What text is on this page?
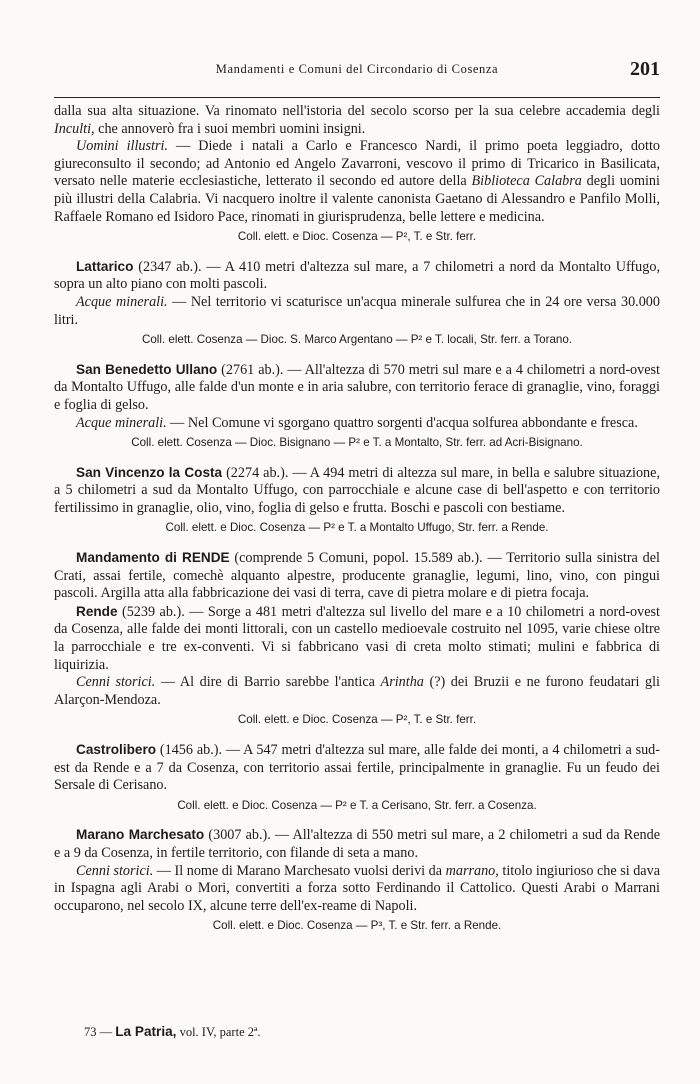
Mandamenti e Comuni del Circondario di Cosenza	201

dalla sua alta situazione. Va rinomato nell'istoria del secolo scorso per la sua celebre accademia degli Inculti, che annoverò fra i suoi membri uomini insigni.

Uomini illustri. — Diede i natali a Carlo e Francesco Nardi, il primo poeta leggiadro, dotto giureconsulto il secondo; ad Antonio ed Angelo Zavarroni, vescovo il primo di Tricarico in Basilicata, versato nelle materie ecclesiastiche, letterato il secondo ed autore della Biblioteca Calabra degli uomini più illustri della Calabria. Vi nacquero inoltre il valente canonista Gaetano di Alessandro e Panfilo Molli, Raffaele Romano ed Isidoro Pace, rinomati in giurisprudenza, belle lettere e medicina.

Coll. elett. e Dioc. Cosenza — P², T. e Str. ferr.

Lattarico (2347 ab.). — A 410 metri d'altezza sul mare, a 7 chilometri a nord da Montalto Uffugo, sopra un alto piano con molti pascoli.

Acque minerali. — Nel territorio vi scaturisce un'acqua minerale sulfurea che in 24 ore versa 30.000 litri.

Coll. elett. Cosenza — Dioc. S. Marco Argentano — P² e T. locali, Str. ferr. a Torano.

San Benedetto Ullano (2761 ab.). — All'altezza di 570 metri sul mare e a 4 chilometri a nord-ovest da Montalto Uffugo, alle falde d'un monte e in aria salubre, con territorio ferace di granaglie, vino, foraggi e foglia di gelso.

Acque minerali. — Nel Comune vi sgorgano quattro sorgenti d'acqua solfurea abbondante e fresca.

Coll. elett. Cosenza — Dioc. Bisignano — P² e T. a Montalto, Str. ferr. ad Acri-Bisignano.

San Vincenzo la Costa (2274 ab.). — A 494 metri di altezza sul mare, in bella e salubre situazione, a 5 chilometri a sud da Montalto Uffugo, con parrocchiale e alcune case di bell'aspetto e con territorio fertilissimo in granaglie, olio, vino, foglia di gelso e frutta. Boschi e pascoli con bestiame.

Coll. elett. e Dioc. Cosenza — P² e T. a Montalto Uffugo, Str. ferr. a Rende.

Mandamento di RENDE (comprende 5 Comuni, popol. 15.589 ab.). — Territorio sulla sinistra del Crati, assai fertile, comechè alquanto alpestre, producente granaglie, legumi, lino, vino, con pingui pascoli. Argilla atta alla fabbricazione dei vasi di terra, cave di pietra molare e di pietra focaja.

Rende (5239 ab.). — Sorge a 481 metri d'altezza sul livello del mare e a 10 chilometri a nord-ovest da Cosenza, alle falde dei monti littorali, con un castello medioevale costruito nel 1095, varie chiese oltre la parrocchiale e tre ex-conventi. Vi si fabbricano vasi di creta molto stimati; mulini e fabbrica di liquirizia.

Cenni storici. — Al dire di Barrio sarebbe l'antica Arintha (?) dei Bruzii e ne furono feudatari gli Alarçon-Mendoza.

Coll. elett. e Dioc. Cosenza — P², T. e Str. ferr.

Castrolibero (1456 ab.). — A 547 metri d'altezza sul mare, alle falde dei monti, a 4 chilometri a sud-est da Rende e a 7 da Cosenza, con territorio assai fertile, principalmente in granaglie. Fu un feudo dei Sersale di Cerisano.

Coll. elett. e Dioc. Cosenza — P² e T. a Cerisano, Str. ferr. a Cosenza.

Marano Marchesato (3007 ab.). — All'altezza di 550 metri sul mare, a 2 chilometri a sud da Rende e a 9 da Cosenza, in fertile territorio, con filande di seta a mano.

Cenni storici. — Il nome di Marano Marchesato vuolsi derivi da marrano, titolo ingiurioso che si dava in Ispagna agli Arabi o Mori, convertiti a forza sotto Ferdinando il Cattolico. Questi Arabi o Marrani occuparono, nel secolo IX, alcune terre dell'ex-reame di Napoli.

Coll. elett. e Dioc. Cosenza — P³, T. e Str. ferr. a Rende.

73 — La Patria, vol. IV, parte 2ª.
